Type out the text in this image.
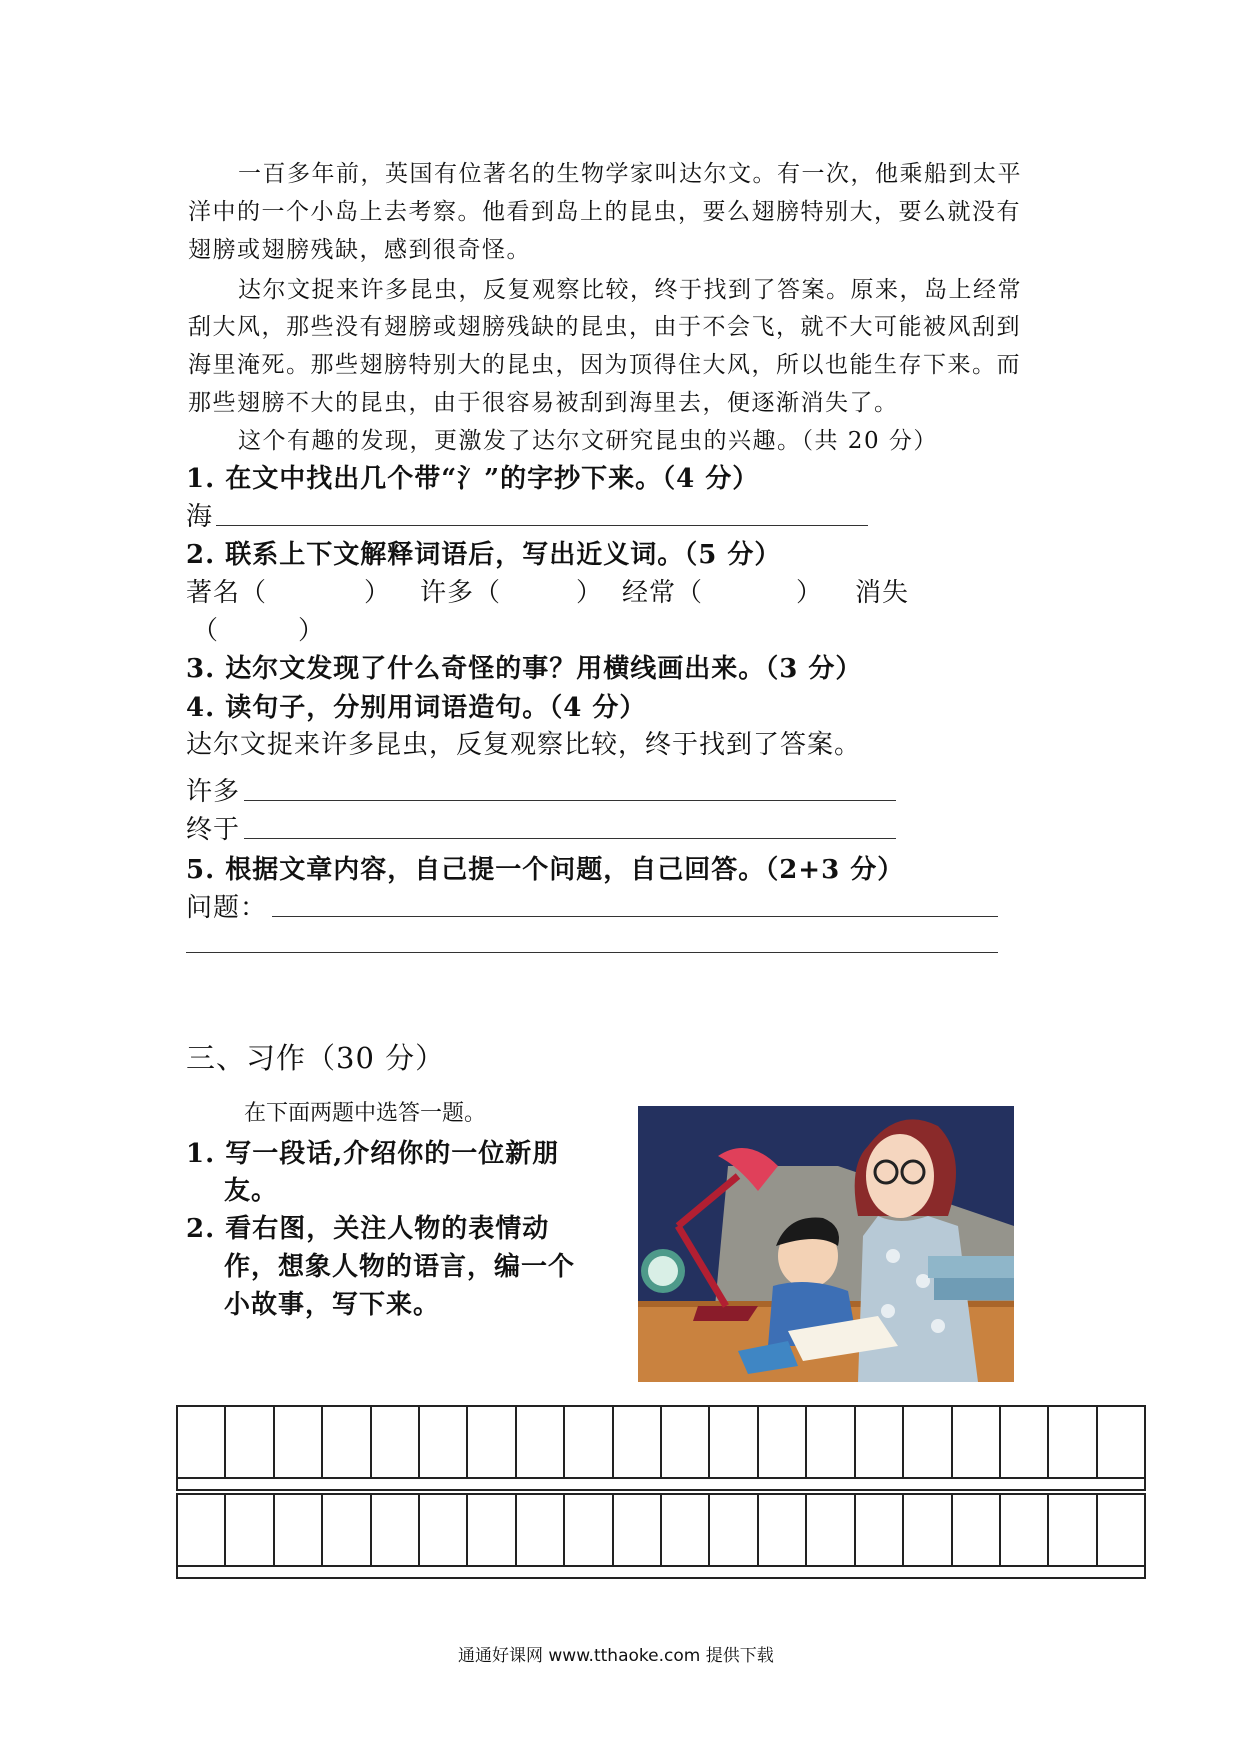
一百多年前，英国有位著名的生物学家叫达尔文。有一次，他乘船到太平
洋中的一个小岛上去考察。他看到岛上的昆虫，要么翅膀特别大，要么就没有
翅膀或翅膀残缺，感到很奇怪。
达尔文捉来许多昆虫，反复观察比较，终于找到了答案。原来，岛上经常
刮大风，那些没有翅膀或翅膀残缺的昆虫，由于不会飞，就不大可能被风刮到
海里淹死。那些翅膀特别大的昆虫，因为顶得住大风，所以也能生存下来。而
那些翅膀不大的昆虫，由于很容易被刮到海里去，便逐渐消失了。
这个有趣的发现，更激发了达尔文研究昆虫的兴趣。（共 20 分）
1. 在文中找出几个带“氵”的字抄下来。（4 分）
海
2. 联系上下文解释词语后，写出近义词。（5 分）
著名（	） 许多（	） 经常（	） 消失
（	）
3. 达尔文发现了什么奇怪的事？用横线画出来。（3 分）
4. 读句子，分别用词语造句。（4 分）
达尔文捉来许多昆虫，反复观察比较，终于找到了答案。
许多
终于
5. 根据文章内容，自己提一个问题，自己回答。（2+3 分）
问题：
三、习作（30 分）
在下面两题中选答一题。
1. 写一段话,介绍你的一位新朋
友。
2. 看右图，关注人物的表情动
作，想象人物的语言，编一个
小故事，写下来。
通通好课网 www.tthaoke.com 提供下载
